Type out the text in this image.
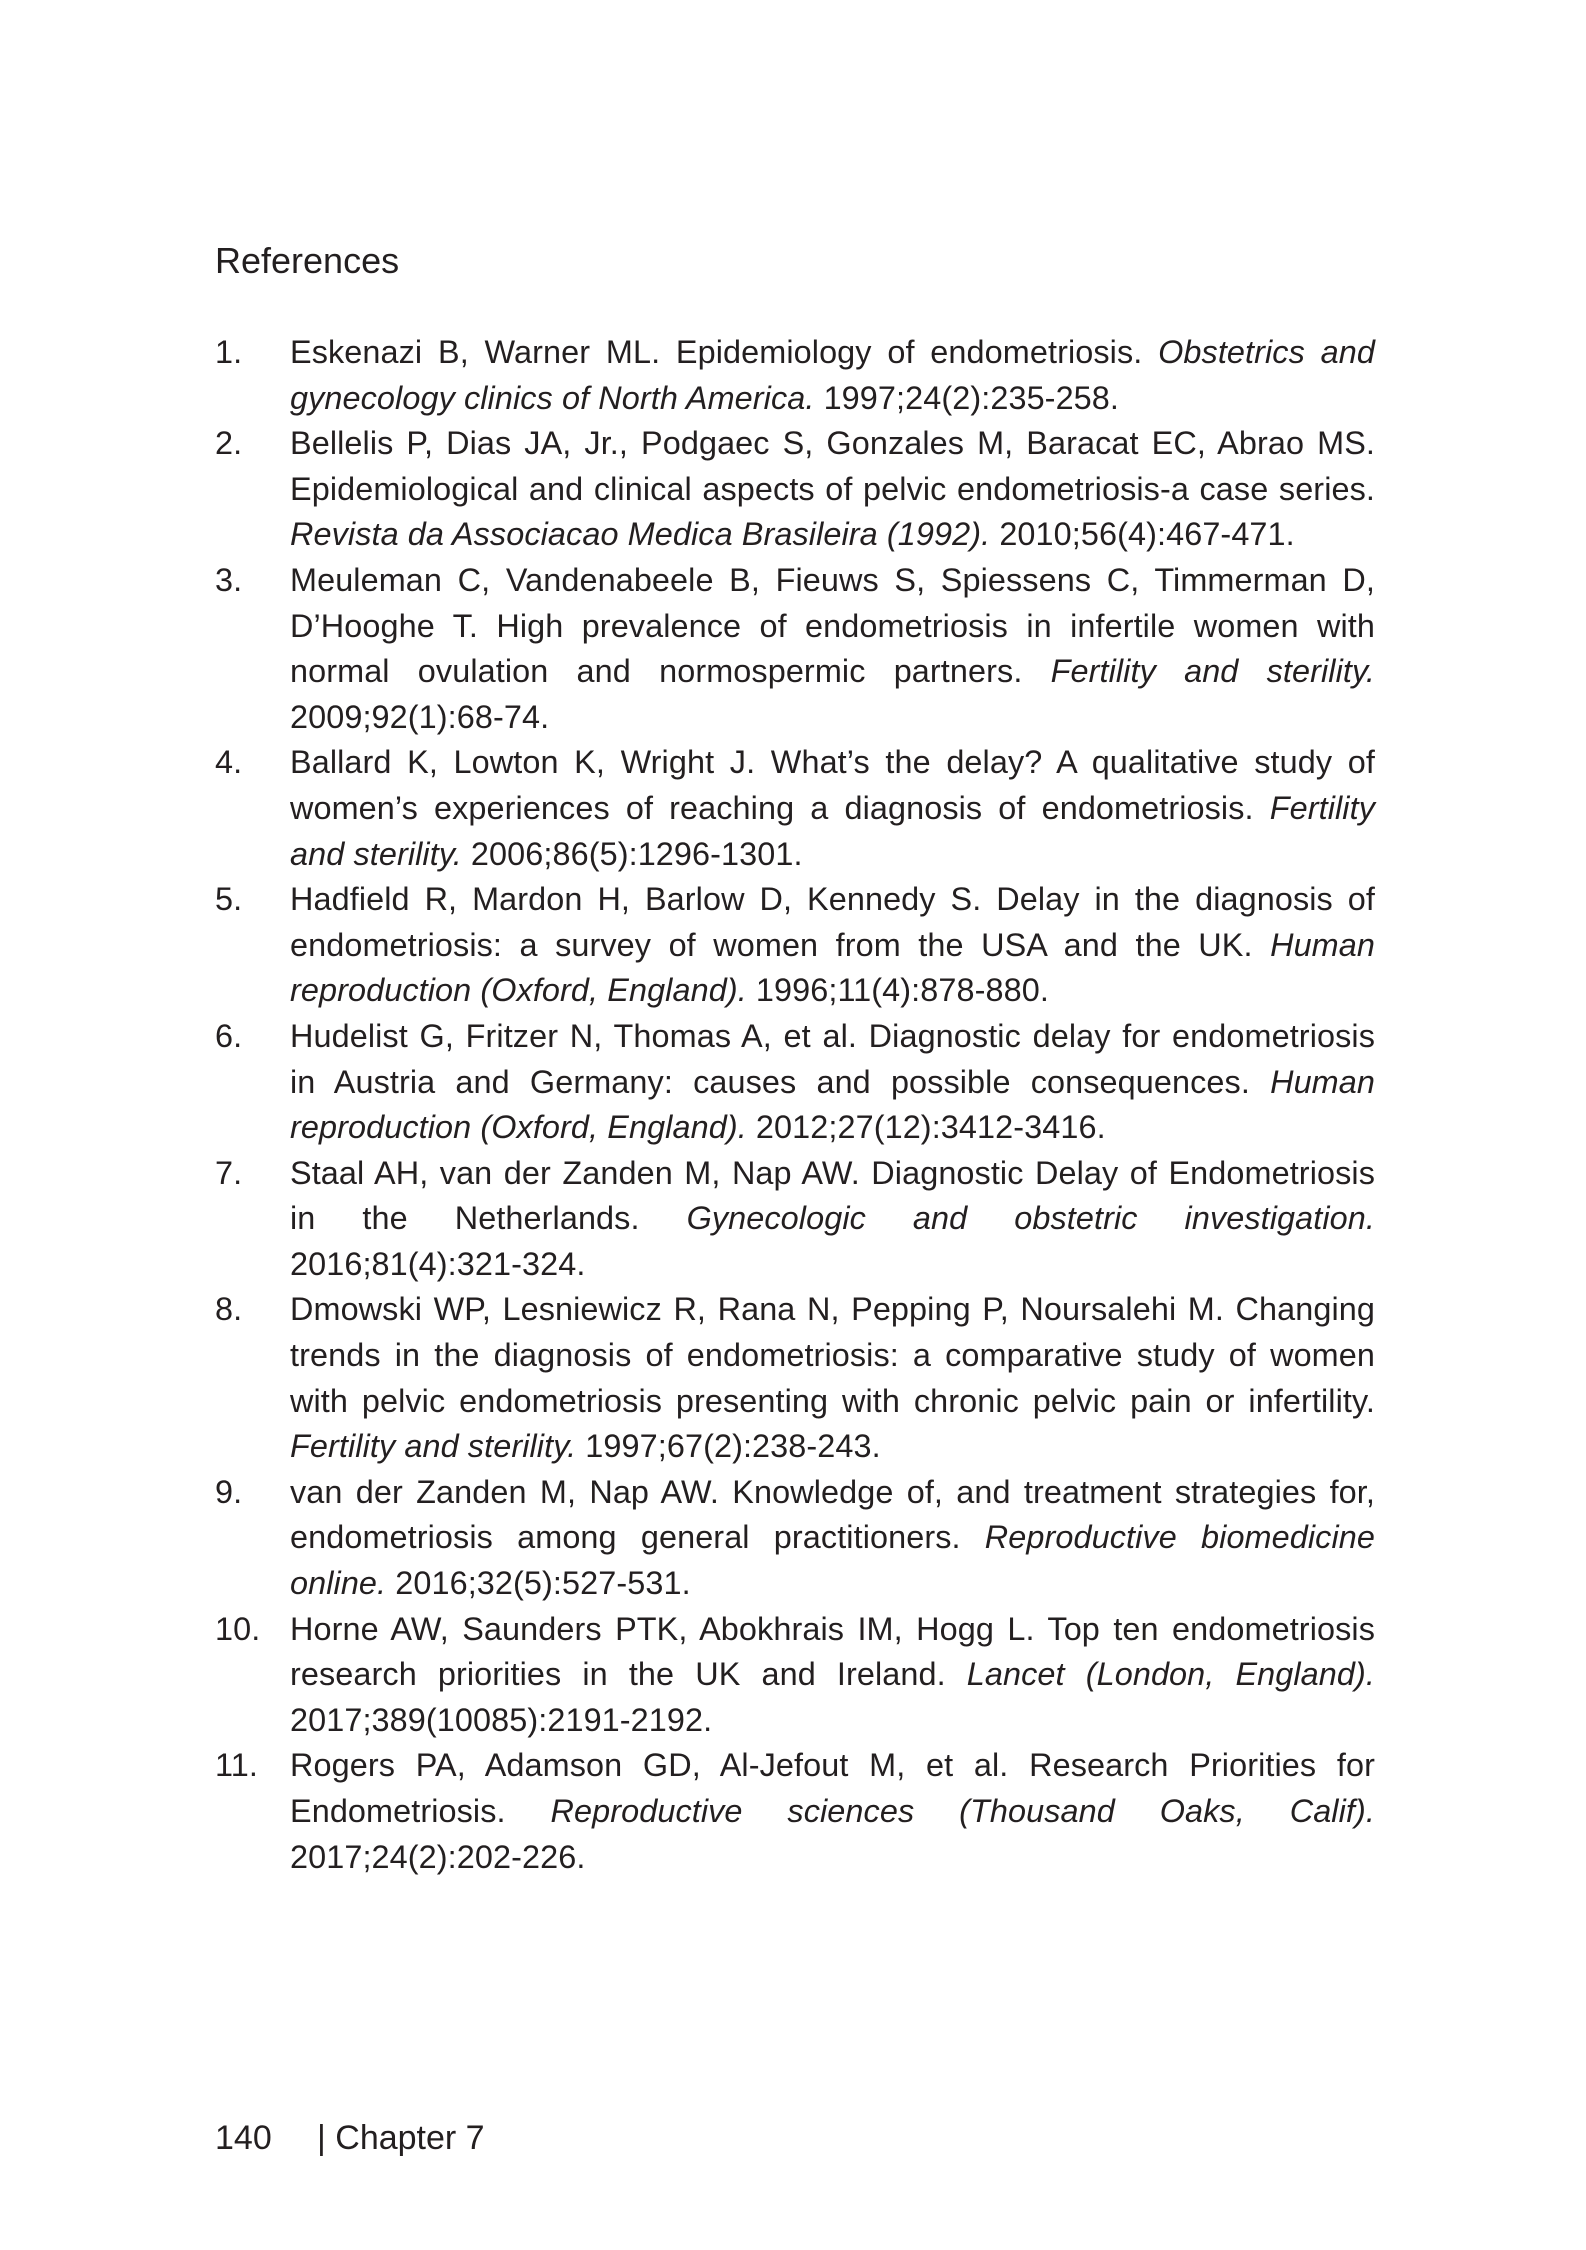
References
1. Eskenazi B, Warner ML. Epidemiology of endometriosis. Obstetrics and gynecology clinics of North America. 1997;24(2):235-258.
2. Bellelis P, Dias JA, Jr., Podgaec S, Gonzales M, Baracat EC, Abrao MS. Epidemiological and clinical aspects of pelvic endometriosis-a case series. Revista da Associacao Medica Brasileira (1992). 2010;56(4):467-471.
3. Meuleman C, Vandenabeele B, Fieuws S, Spiessens C, Timmerman D, D’Hooghe T. High prevalence of endometriosis in infertile women with normal ovulation and normospermic partners. Fertility and sterility. 2009;92(1):68-74.
4. Ballard K, Lowton K, Wright J. What’s the delay? A qualitative study of women’s experiences of reaching a diagnosis of endometriosis. Fertility and sterility. 2006;86(5):1296-1301.
5. Hadfield R, Mardon H, Barlow D, Kennedy S. Delay in the diagnosis of endometriosis: a survey of women from the USA and the UK. Human reproduction (Oxford, England). 1996;11(4):878-880.
6. Hudelist G, Fritzer N, Thomas A, et al. Diagnostic delay for endometriosis in Austria and Germany: causes and possible consequences. Human reproduction (Oxford, England). 2012;27(12):3412-3416.
7. Staal AH, van der Zanden M, Nap AW. Diagnostic Delay of Endometriosis in the Netherlands. Gynecologic and obstetric investigation. 2016;81(4):321-324.
8. Dmowski WP, Lesniewicz R, Rana N, Pepping P, Noursalehi M. Changing trends in the diagnosis of endometriosis: a comparative study of women with pelvic endometriosis presenting with chronic pelvic pain or infertility. Fertility and sterility. 1997;67(2):238-243.
9. van der Zanden M, Nap AW. Knowledge of, and treatment strategies for, endometriosis among general practitioners. Reproductive biomedicine online. 2016;32(5):527-531.
10. Horne AW, Saunders PTK, Abokhrais IM, Hogg L. Top ten endometriosis research priorities in the UK and Ireland. Lancet (London, England). 2017;389(10085):2191-2192.
11. Rogers PA, Adamson GD, Al-Jefout M, et al. Research Priorities for Endometriosis. Reproductive sciences (Thousand Oaks, Calif). 2017;24(2):202-226.
140 | Chapter 7
